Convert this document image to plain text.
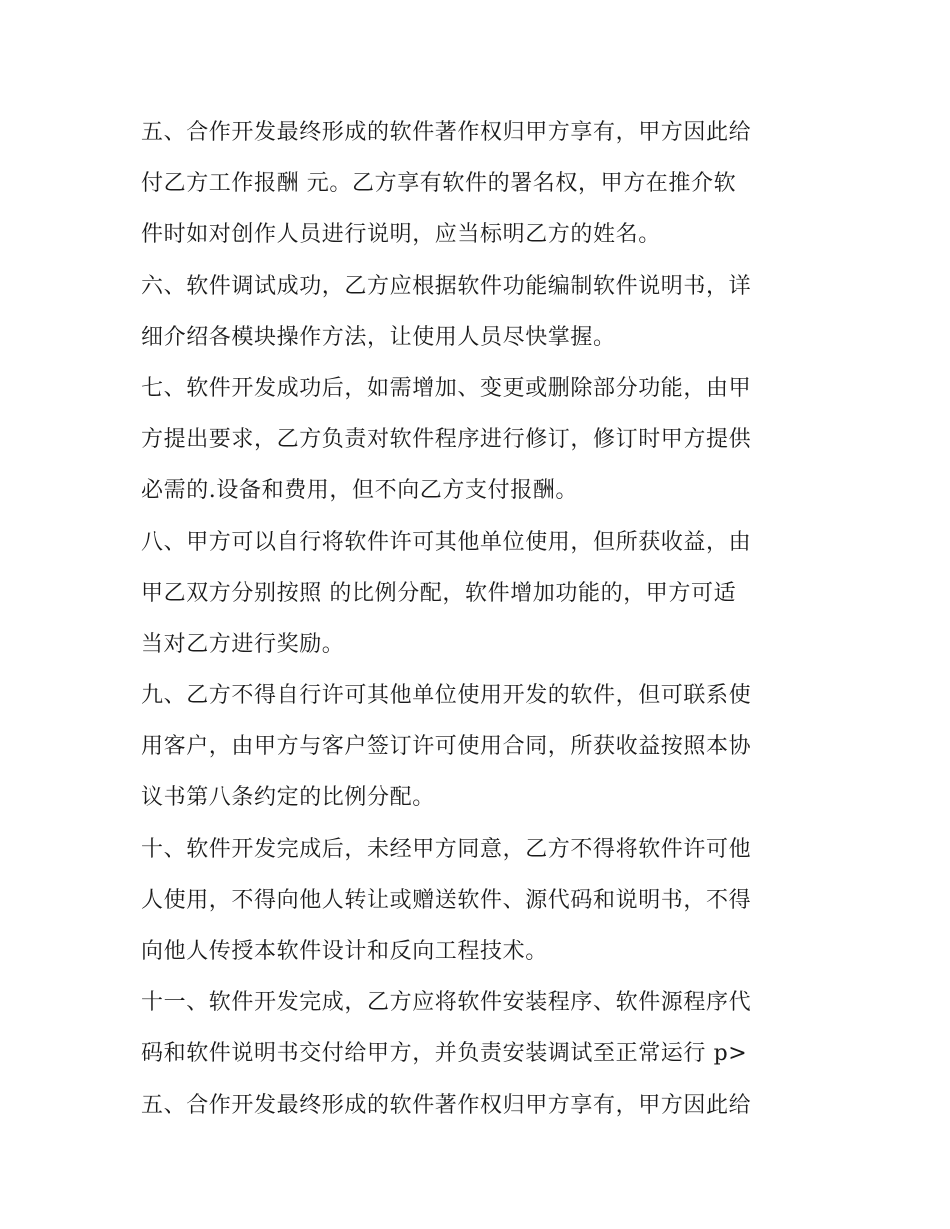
五、合作开发最终形成的软件著作权归甲方享有，甲方因此给
付乙方工作报酬 元。乙方享有软件的署名权，甲方在推介软
件时如对创作人员进行说明，应当标明乙方的姓名。
六、软件调试成功，乙方应根据软件功能编制软件说明书，详
细介绍各模块操作方法，让使用人员尽快掌握。
七、软件开发成功后，如需增加、变更或删除部分功能，由甲
方提出要求，乙方负责对软件程序进行修订，修订时甲方提供
必需的.设备和费用，但不向乙方支付报酬。
八、甲方可以自行将软件许可其他单位使用，但所获收益，由
甲乙双方分别按照 的比例分配，软件增加功能的，甲方可适
当对乙方进行奖励。
九、乙方不得自行许可其他单位使用开发的软件，但可联系使
用客户，由甲方与客户签订许可使用合同，所获收益按照本协
议书第八条约定的比例分配。
十、软件开发完成后，未经甲方同意，乙方不得将软件许可他
人使用，不得向他人转让或赠送软件、源代码和说明书，不得
向他人传授本软件设计和反向工程技术。
十一、软件开发完成，乙方应将软件安装程序、软件源程序代
码和软件说明书交付给甲方，并负责安装调试至正常运行 p>
五、合作开发最终形成的软件著作权归甲方享有，甲方因此给
